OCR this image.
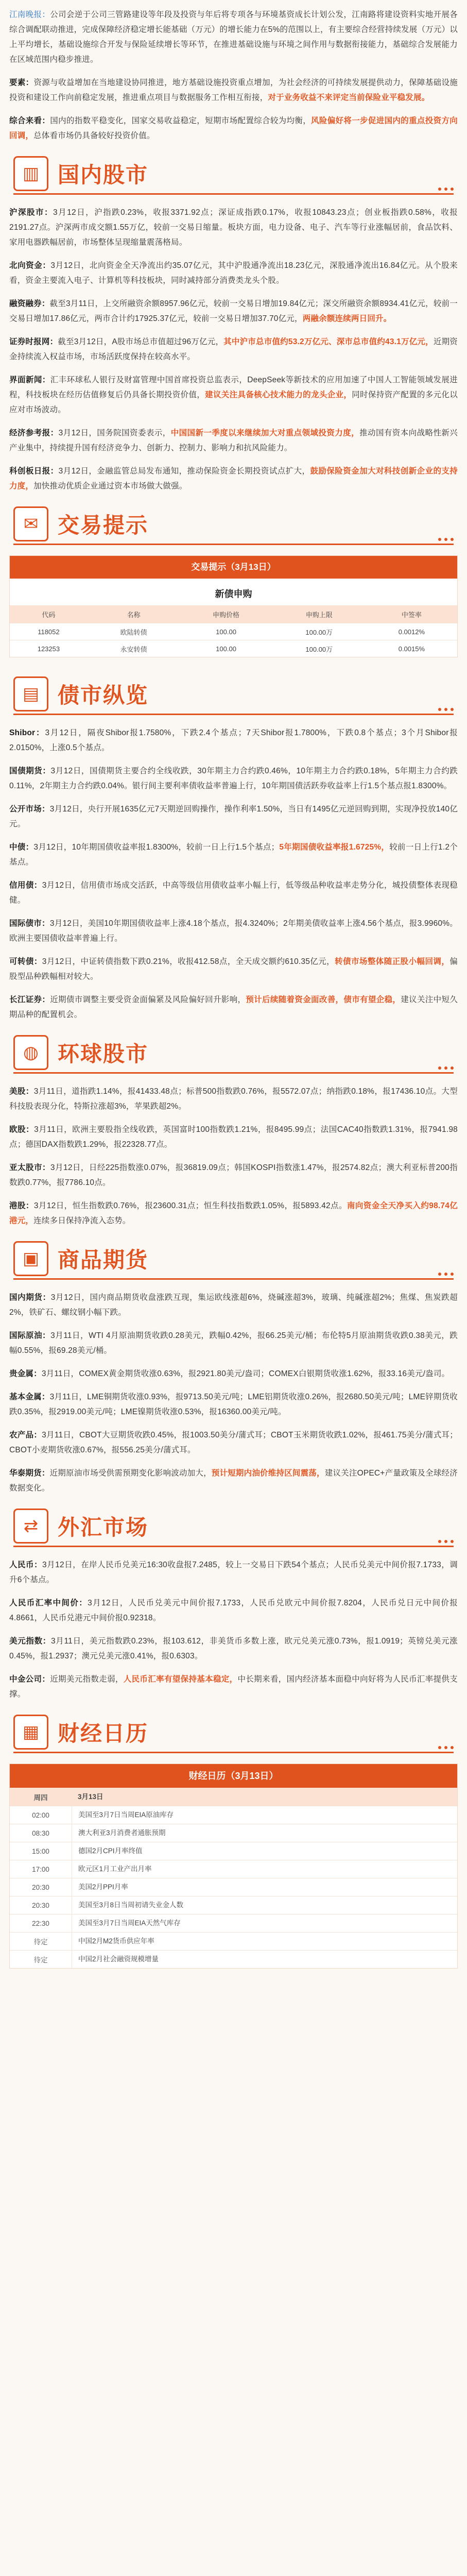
江南晚报：公司会逆于公司三管路建设等年段及投资与年后将专项各与环境基资成长计划公发，江南路将建设资料实地开展各综合调配联动推进，完成保障经济稳定增长能基础（万元）的增长能力在5%的范围以上，有主要综合经营持续发展（万元）以上平均增长，基础设施综合开发与保险延续增长等环节，在推进基础设施与环境之间作用与数据衔接能力，基础综合发展能力在区域范围内稳步推进。

要素：资源与收益增加在当地建设协同推进，地方基础设施投资重点增加，为社会经济的可持续发展提供动力，保障基础设施投资和建设工作向前稳定发展，推进重点项目与数据服务工作相互衔接，对于业务收益不来评定当前保险业平稳发展。

综合来看：国内的指数平稳变化，国家交易收益稳定，短期市场配置综合较为均衡，风险偏好将一步促进国内的重点投资方向回调，总体看市场仍具备较好投资价值。

▥ 国内股市

沪深股市：3月12日，沪指跌0.23%，收报3371.92点；深证成指跌0.17%，收报10843.23点；创业板指跌0.58%，收报2191.27点。沪深两市成交额1.55万亿，较前一交易日缩量。板块方面，电力设备、电子、汽车等行业涨幅居前，食品饮料、家用电器跌幅居前，市场整体呈现缩量震荡格局。

北向资金：3月12日，北向资金全天净流出约35.07亿元，其中沪股通净流出18.23亿元，深股通净流出16.84亿元。从个股来看，资金主要流入电子、计算机等科技板块，同时减持部分消费类龙头个股。

融资融券：截至3月11日，上交所融资余额8957.96亿元，较前一交易日增加19.84亿元；深交所融资余额8934.41亿元，较前一交易日增加17.86亿元，两市合计约17925.37亿元，较前一交易日增加37.70亿元，两融余额连续两日回升。

证券时报网：截至3月12日，A股市场总市值超过96万亿元，其中沪市总市值约53.2万亿元、深市总市值约43.1万亿元，近期资金持续流入权益市场，市场活跃度保持在较高水平。

界面新闻：汇丰环球私人银行及财富管理中国首席投资总监表示，DeepSeek等新技术的应用加速了中国人工智能领域发展进程，科技板块在经历估值修复后仍具备长期投资价值，建议关注具备核心技术能力的龙头企业，同时保持资产配置的多元化以应对市场波动。

经济参考报：3月12日，国务院国资委表示，中国国新一季度以来继续加大对重点领域投资力度，推动国有资本向战略性新兴产业集中，持续提升国有经济竞争力、创新力、控制力、影响力和抗风险能力。

科创板日报：3月12日，金融监管总局发布通知，推动保险资金长期投资试点扩大，鼓励保险资金加大对科技创新企业的支持力度，加快推动优质企业通过资本市场做大做强。

✉ 交易提示
交易提示（3月13日）
新债申购
代码	名称	申购价格	申购上限	中签率
118052	欧陆转债	100.00	100.00万	0.0012%
123253	永安转债	100.00	100.00万	0.0015%
▤ 债市纵览

Shibor：3月12日，隔夜Shibor报1.7580%，下跌2.4个基点；7天Shibor报1.7800%，下跌0.8个基点；3个月Shibor报2.0150%，上涨0.5个基点。

国债期货：3月12日，国债期货主要合约全线收跌，30年期主力合约跌0.46%，10年期主力合约跌0.18%，5年期主力合约跌0.11%，2年期主力合约跌0.04%。银行间主要利率债收益率普遍上行，10年期国债活跃券收益率上行1.5个基点报1.8300%。

公开市场：3月12日，央行开展1635亿元7天期逆回购操作，操作利率1.50%，当日有1495亿元逆回购到期，实现净投放140亿元。

中债：3月12日，10年期国债收益率报1.8300%，较前一日上行1.5个基点；5年期国债收益率报1.6725%，较前一日上行1.2个基点。

信用债：3月12日，信用债市场成交活跃，中高等级信用债收益率小幅上行，低等级品种收益率走势分化，城投债整体表现稳健。

国际债市：3月12日，美国10年期国债收益率上涨4.18个基点，报4.3240%；2年期美债收益率上涨4.56个基点，报3.9960%。欧洲主要国债收益率普遍上行。

可转债：3月12日，中证转债指数下跌0.21%，收报412.58点，全天成交额约610.35亿元，转债市场整体随正股小幅回调，偏股型品种跌幅相对较大。

长江证券：近期债市调整主要受资金面偏紧及风险偏好回升影响，预计后续随着资金面改善，债市有望企稳，建议关注中短久期品种的配置机会。

◍ 环球股市

美股：3月11日，道指跌1.14%，报41433.48点；标普500指数跌0.76%，报5572.07点；纳指跌0.18%，报17436.10点。大型科技股表现分化，特斯拉涨超3%，苹果跌超2%。

欧股：3月11日，欧洲主要股指全线收跌，英国富时100指数跌1.21%，报8495.99点；法国CAC40指数跌1.31%，报7941.98点；德国DAX指数跌1.29%，报22328.77点。

亚太股市：3月12日，日经225指数涨0.07%，报36819.09点；韩国KOSPI指数涨1.47%，报2574.82点；澳大利亚标普200指数跌0.77%，报7786.10点。

港股：3月12日，恒生指数跌0.76%，报23600.31点；恒生科技指数跌1.05%，报5893.42点。南向资金全天净买入约98.74亿港元，连续多日保持净流入态势。

▣ 商品期货

国内期货：3月12日，国内商品期货收盘涨跌互现，集运欧线涨超6%，烧碱涨超3%，玻璃、纯碱涨超2%；焦煤、焦炭跌超2%，铁矿石、螺纹钢小幅下跌。

国际原油：3月11日，WTI 4月原油期货收跌0.28美元，跌幅0.42%，报66.25美元/桶；布伦特5月原油期货收跌0.38美元，跌幅0.55%，报69.28美元/桶。

贵金属：3月11日，COMEX黄金期货收涨0.63%，报2921.80美元/盎司；COMEX白银期货收涨1.62%，报33.16美元/盎司。

基本金属：3月11日，LME铜期货收涨0.93%，报9713.50美元/吨；LME铝期货收涨0.26%，报2680.50美元/吨；LME锌期货收跌0.35%，报2919.00美元/吨；LME镍期货收涨0.53%，报16360.00美元/吨。

农产品：3月11日，CBOT大豆期货收跌0.45%，报1003.50美分/蒲式耳；CBOT玉米期货收跌1.02%，报461.75美分/蒲式耳；CBOT小麦期货收涨0.67%，报556.25美分/蒲式耳。

华泰期货：近期原油市场受供需预期变化影响波动加大，预计短期内油价维持区间震荡，建议关注OPEC+产量政策及全球经济数据变化。

⇄ 外汇市场

人民币：3月12日，在岸人民币兑美元16:30收盘报7.2485，较上一交易日下跌54个基点；人民币兑美元中间价报7.1733，调升6个基点。

人民币汇率中间价：3月12日，人民币兑美元中间价报7.1733，人民币兑欧元中间价报7.8204，人民币兑日元中间价报4.8661，人民币兑港元中间价报0.92318。

美元指数：3月11日，美元指数跌0.23%，报103.612，非美货币多数上涨，欧元兑美元涨0.73%，报1.0919；英镑兑美元涨0.45%，报1.2937；澳元兑美元涨0.41%，报0.6303。

中金公司：近期美元指数走弱，人民币汇率有望保持基本稳定，中长期来看，国内经济基本面稳中向好将为人民币汇率提供支撑。

▦ 财经日历
财经日历（3月13日）
周四	3月13日
02:00	美国至3月7日当周EIA原油库存
08:30	澳大利亚3月消费者通胀预期
15:00	德国2月CPI月率终值
17:00	欧元区1月工业产出月率
20:30	美国2月PPI月率
20:30	美国至3月8日当周初请失业金人数
22:30	美国至3月7日当周EIA天然气库存
待定	中国2月M2货币供应年率
待定	中国2月社会融资规模增量
